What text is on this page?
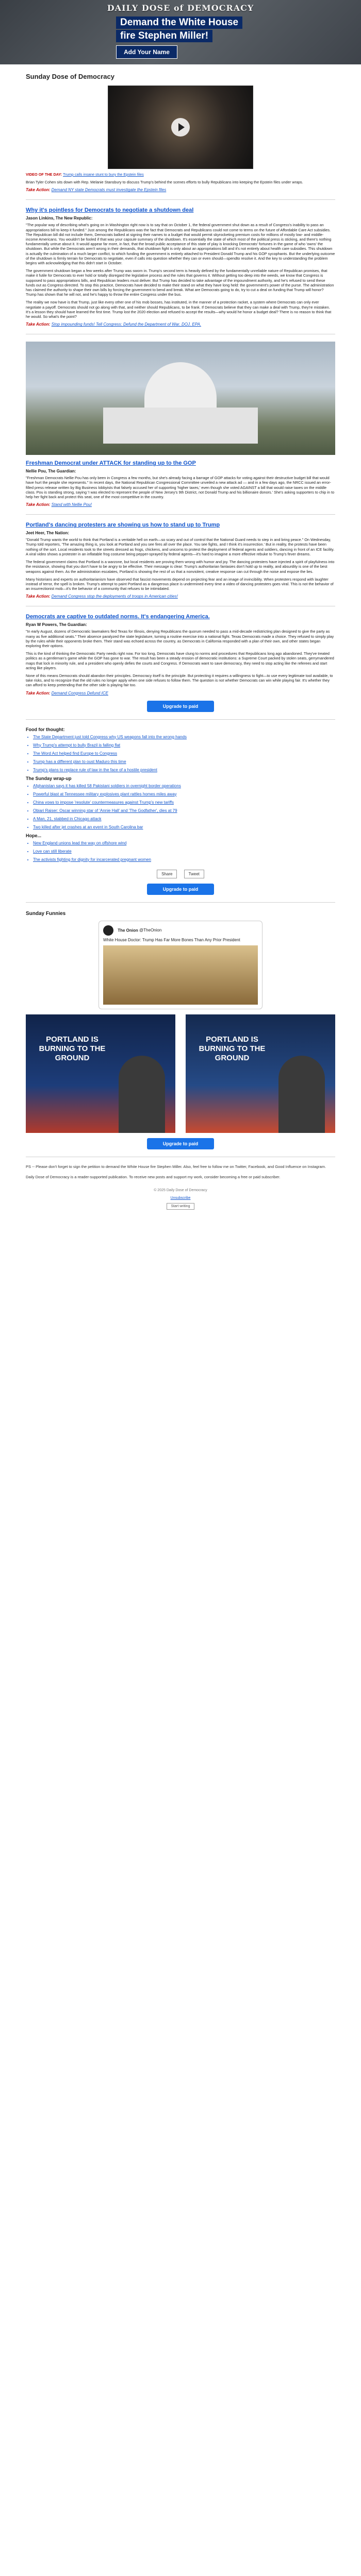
DAILY DOSE of DEMOCRACY
Demand the White House
fire Stephen Miller!
Add Your Name
Sunday Dose of Democracy

VIDEO OF THE DAY: Trump calls insane stunt to bury the Epstein files

Brian Tyler Cohen sits down with Rep. Melanie Stansbury to discuss Trump's behind the scenes efforts to bully Republicans into keeping the Epstein files under wraps.

Take Action: Demand NY state Democrats must investigate the Epstein files

Why it's pointless for Democrats to negotiate a shutdown deal
Jason Linkins, The New Republic:

"The popular way of describing what's going on in Washington right now is to say that on October 1, the federal government shut down as a result of Congress's inability to pass an appropriations bill to keep it funded." Just among the Republicans was the fact that Democrats and Republicans could not come to terms on the future of Affordable Care Act subsidies. The Republican bill did not include them, Democrats balked at signing their names to a budget that would permit skyrocketing premium costs for millions of mostly low- and middle-income Americans. You wouldn't be fooled if that was your capsule summary of the shutdown. It's essentially the state of which most of the political press is sticking, and there's nothing fundamentally untrue about it. It would appear far more, in fact, that the broad public acceptance of this state of play is knocking Democrats' fortunes in the game of who 'owns' the shutdown. But while the Democrats aren't wrong in their demands, that shutdown fight is only about an appropriations bill and it's not entirely about health care subsidies. This shutdown is actually the culmination of a much larger conflict, to which funding the government is entirely attached to President Donald Trump and his GOP sycophants. But the underlying outcome of the shutdown is firmly terrain for Democrats to negotiate, even if calls into question whether they can or even should—spendto resolve it. And the key to understanding the problem begins with acknowledging that this didn't start in October.

The government shutdown began a few weeks after Trump was sworn in. Trump's second term is heavily defined by the fundamentally unreliable nature of Republican promises, that make it futile for Democrats to ever hold or totally disregard the legislative process and the rules that governs it. Without getting too deep into the weeds, we know that Congress is supposed to pass appropriations bills, and Republican leaders must deliver. But Trump has decided to take advantage of the impoundment authority, and he's refused to send these funds out as Congress directed. To stop this practice, Democrats have decided to make their stand on what they have long held: the government's power of the purse. The administration has claimed the authority to shape their own bills by forcing the government to bend and break. What are Democrats going to do, try to cut a deal on funding that Trump will honor? Trump has shown that he will not, and he's happy to throw the entire Congress under the bus.

The reality we now have is that Trump, just like every other one of his mob bosses, has instituted, in the manner of a protection racket, a system where Democrats can only ever negotiate a payoff. Democrats should not go along with that, and neither should Republicans, to be frank. If Democrats believe that they can make a deal with Trump, they're mistaken. It's a lesson they should have learned the first time. Trump lost the 2020 election and refused to accept the results—why would he honor a budget deal? There is no reason to think that he would. So what's the point?

Take Action: Stop impounding funds! Tell Congress: Defund the Department of War. DOJ. EPA.

Freshman Democrat under ATTACK for standing up to the GOP
Nellie Pou, The Guardian:

"Freshman Democrats Nellie Pou has only been in Congress a few months, but she's already facing a barrage of GOP attacks for voting against their destructive budget bill that would have hurt the people she represents." In recent days, the National Republican Congressional Committee unveiled a new attack ad — and in a few days ago, the NRCC issued an error-filled press release written by Big Business lobbyists that falsely accused her of supporting 'higher taxes,' even though she voted AGAINST a bill that would raise taxes on the middle class. Pou is standing strong, saying 'I was elected to represent the people of New Jersey's 9th District, not Donald Trump and his billionaire donors.' She's asking supporters to chip in to help her fight back and protect this seat, one of the most competitive in the country.

Take Action: Stand with Nellie Pou!

Portland's dancing protesters are showing us how to stand up to Trump
Jeet Heer, The Nation:

"Donald Trump wants the world to think that Portland is a veritable hell on earth—so scary and out of control that the National Guard needs to step in and bring peace." On Wednesday, Trump told reporters, 'The amazing thing is, you look at Portland and you see fires all over the place. You see fights, and I think it's insurrection.' But in reality, the protests have been nothing of the sort. Local residents took to the streets dressed as frogs, chickens, and unicorns to protest the deployment of federal agents and soldiers, dancing in front of an ICE facility. A viral video shows a protester in an inflatable frog costume being pepper-sprayed by federal agents—it's hard to imagine a more effective rebuke to Trump's fever dreams.

The federal government claims that Portland is a warzone, but local residents are proving them wrong with humor and joy. The dancing protesters have injected a spirit of playfulness into the resistance, showing that you don't have to be angry to be effective. Their message is clear: Trump's authoritarian fantasies don't hold up to reality, and absurdity is one of the best weapons against them. As the administration escalates, Portland is showing the rest of us that a nonviolent, creative response can cut through the noise and expose the lies.

Many historians and experts on authoritarianism have observed that fascist movements depend on projecting fear and an image of invincibility. When protesters respond with laughter instead of terror, the spell is broken. Trump's attempt to paint Portland as a dangerous place is undermined every time a video of dancing protesters goes viral. This is not the behavior of an insurrectionist mob—it's the behavior of a community that refuses to be intimidated.

Take Action: Demand Congress stop the deployments of troops in American cities!

Democrats are captive to outdated norms. It's endangering America.
Ryan W Powers, The Guardian:

"In early August, dozens of Democratic lawmakers fled Texas for Illinois, denying Republicans the quorum needed to pass a mid-decade redistricting plan designed to give the party as many as five additional seats." Their absence paralyzed the state legislature, turning a routine exercise into a national fight. Texas Democrats made a choice. They refused to simply play by the rules while their opponents broke them. Their stand was echoed across the country, as Democrats in California responded with a plan of their own, and other states began exploring their options.

This is the kind of thinking the Democratic Party needs right now. For too long, Democrats have clung to norms and procedures that Republicans long ago abandoned. They've treated politics as a gentleman's game while the GOP has gone to war. The result has been a steady erosion of democratic institutions: a Supreme Court packed by stolen seats, gerrymandered maps that lock in minority rule, and a president who openly defies the courts and Congress. If Democrats want to save democracy, they need to stop acting like the referees and start acting like players.

None of this means Democrats should abandon their principles. Democracy itself is the principle. But protecting it requires a willingness to fight—to use every legitimate tool available, to take risks, and to recognize that the old rules no longer apply when one side refuses to follow them. The question is not whether Democrats can win while playing fair. It's whether they can afford to keep pretending that the other side is playing fair too.

Take Action: Demand Congress Defund ICE

Upgrade to paid
Food for thought:
• The State Department just told Congress why US weapons fall into the wrong hands
• Why Trump's attempt to bully Brazil is falling flat
• The Word Act helped find Europe to Congress
• Trump has a different plan to oust Maduro this time
• Trump's plans to replace rule of law in the face of a hostile president
The Sunday wrap-up
• Afghanistan says it has killed 58 Pakistani soldiers in overnight border operations
• Powerful blast at Tennessee military explosives plant rattles homes miles away
• China vows to impose 'resolute' countermeasures against Trump's new tariffs
• Obiari Raiser: Oscar winning star of 'Annie Hall' and 'The Godfather', dies at 79
• A Man, 21, stabbed in Chicago attack
• Two killed after jet crashes at an event in South Carolina bar
Hope...
• New England unions lead the way on offshore wind
• Love can still liberate
• The activists fighting for dignity for incarcerated pregnant women
Share	Tweet
Upgrade to paid
Sunday Funnies
The Onion @TheOnion
White House Doctor: Trump Has Far More Bones Than Any Prior President
PORTLAND IS BURNING TO THE GROUND
PORTLAND IS BURNING TO THE GROUND
Upgrade to paid

PS -- Please don't forget to sign the petition to demand the White House fire Stephen Miller. Also, feel free to follow me on Twitter, Facebook, and Good Influence on Instagram.

Daily Dose of Democracy is a reader-supported publication. To receive new posts and support my work, consider becoming a free or paid subscriber.

© 2025 Daily Dose of Democracy
Unsubscribe
Start writing
